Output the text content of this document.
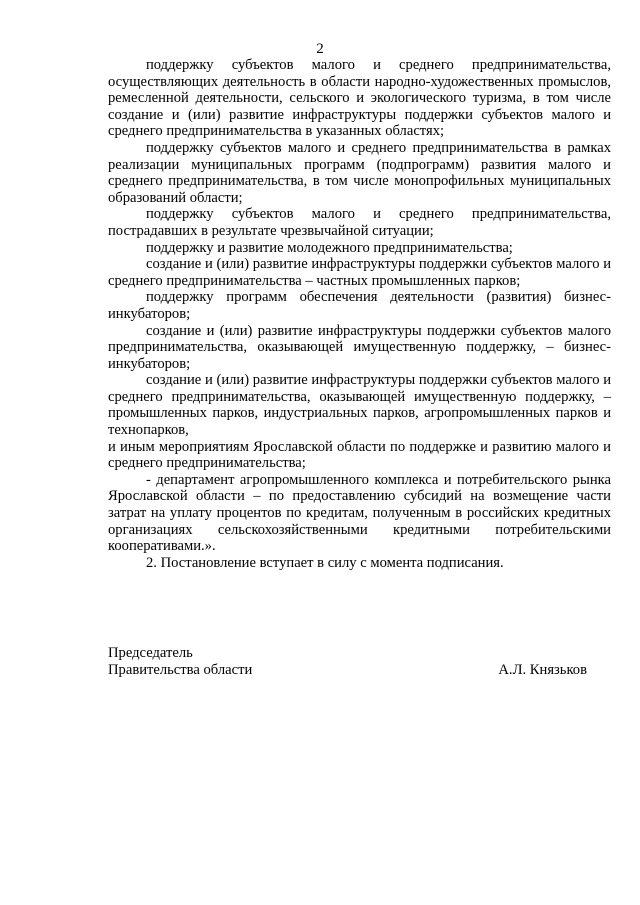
2

поддержку субъектов малого и среднего предпринимательства, осуществляющих деятельность в области народно-художественных промыслов, ремесленной деятельности, сельского и экологического туризма, в том числе создание и (или) развитие инфраструктуры поддержки субъектов малого и среднего предпринимательства в указанных областях;

поддержку субъектов малого и среднего предпринимательства в рамках реализации муниципальных программ (подпрограмм) развития малого и среднего предпринимательства, в том числе монопрофильных муниципальных образований области;

поддержку субъектов малого и среднего предпринимательства, пострадавших в результате чрезвычайной ситуации;

поддержку и развитие молодежного предпринимательства;

создание и (или) развитие инфраструктуры поддержки субъектов малого и среднего предпринимательства – частных промышленных парков;

поддержку программ обеспечения деятельности (развития) бизнес-инкубаторов;

создание и (или) развитие инфраструктуры поддержки субъектов малого предпринимательства, оказывающей имущественную поддержку, – бизнес-инкубаторов;

создание и (или) развитие инфраструктуры поддержки субъектов малого и среднего предпринимательства, оказывающей имущественную поддержку, – промышленных парков, индустриальных парков, агропромышленных парков и технопарков,

и иным мероприятиям Ярославской области по поддержке и развитию малого и среднего предпринимательства;

- департамент агропромышленного комплекса и потребительского рынка Ярославской области – по предоставлению субсидий на возмещение части затрат на уплату процентов по кредитам, полученным в российских кредитных организациях сельскохозяйственными кредитными потребительскими кооперативами.».

2. Постановление вступает в силу с момента подписания.

Председатель
Правительства области	А.Л. Князьков
